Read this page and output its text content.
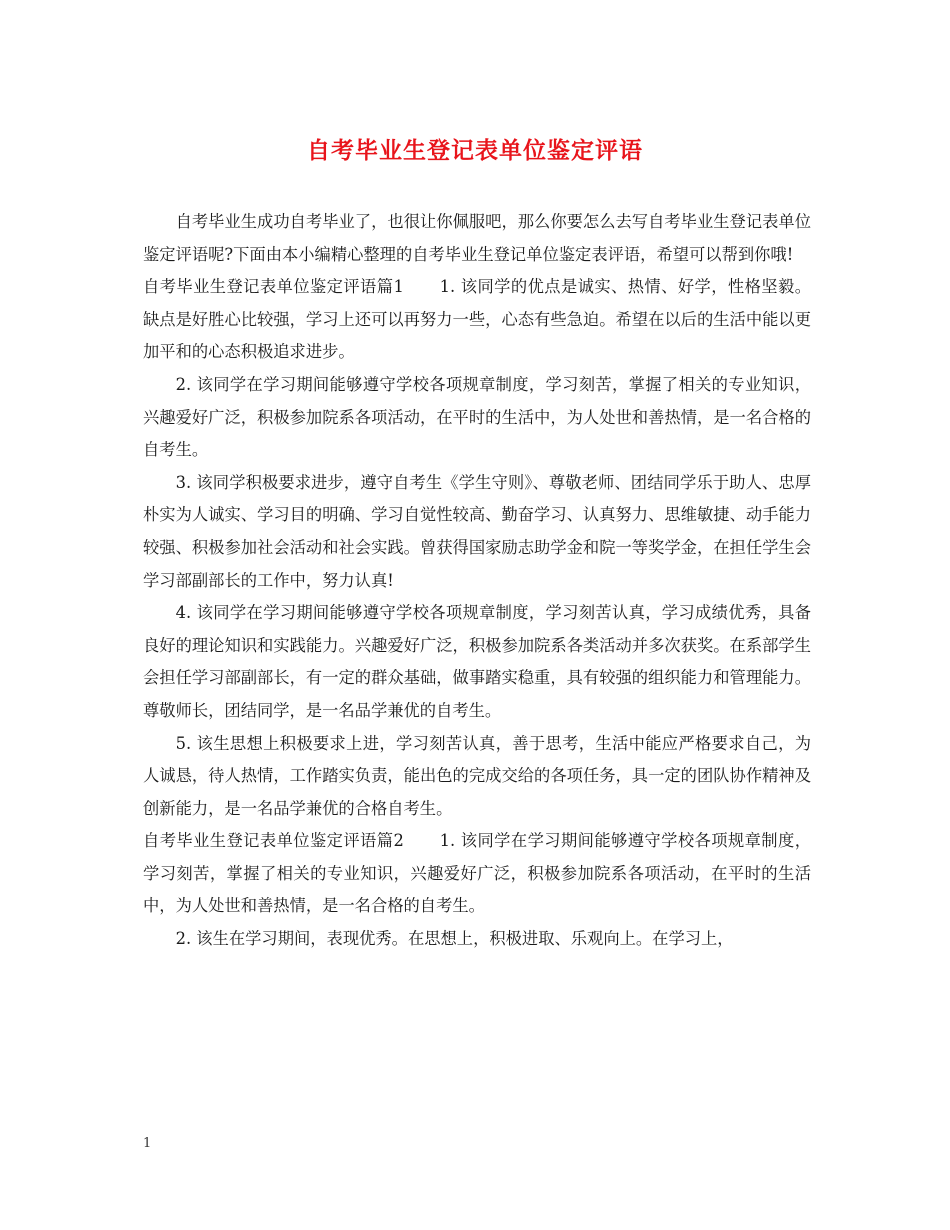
自考毕业生登记表单位鉴定评语

自考毕业生成功自考毕业了，也很让你佩服吧，那么你要怎么去写自考毕业生登记表单位鉴定评语呢?下面由本小编精心整理的自考毕业生登记单位鉴定表评语，希望可以帮到你哦!

自考毕业生登记表单位鉴定评语篇1 1. 该同学的优点是诚实、热情、好学，性格坚毅。缺点是好胜心比较强，学习上还可以再努力一些，心态有些急迫。希望在以后的生活中能以更加平和的心态积极追求进步。

2. 该同学在学习期间能够遵守学校各项规章制度，学习刻苦，掌握了相关的专业知识，兴趣爱好广泛，积极参加院系各项活动，在平时的生活中，为人处世和善热情，是一名合格的自考生。

3. 该同学积极要求进步，遵守自考生《学生守则》、尊敬老师、团结同学乐于助人、忠厚朴实为人诚实、学习目的明确、学习自觉性较高、勤奋学习、认真努力、思维敏捷、动手能力较强、积极参加社会活动和社会实践。曾获得国家励志助学金和院一等奖学金，在担任学生会学习部副部长的工作中，努力认真!

4. 该同学在学习期间能够遵守学校各项规章制度，学习刻苦认真，学习成绩优秀，具备良好的理论知识和实践能力。兴趣爱好广泛，积极参加院系各类活动并多次获奖。在系部学生会担任学习部副部长，有一定的群众基础，做事踏实稳重，具有较强的组织能力和管理能力。尊敬师长，团结同学，是一名品学兼优的自考生。

5. 该生思想上积极要求上进，学习刻苦认真，善于思考，生活中能应严格要求自己，为人诚恳，待人热情，工作踏实负责，能出色的完成交给的各项任务，具一定的团队协作精神及创新能力，是一名品学兼优的合格自考生。

自考毕业生登记表单位鉴定评语篇2 1. 该同学在学习期间能够遵守学校各项规章制度，学习刻苦，掌握了相关的专业知识，兴趣爱好广泛，积极参加院系各项活动，在平时的生活中，为人处世和善热情，是一名合格的自考生。

2. 该生在学习期间，表现优秀。在思想上，积极进取、乐观向上。在学习上，

1
